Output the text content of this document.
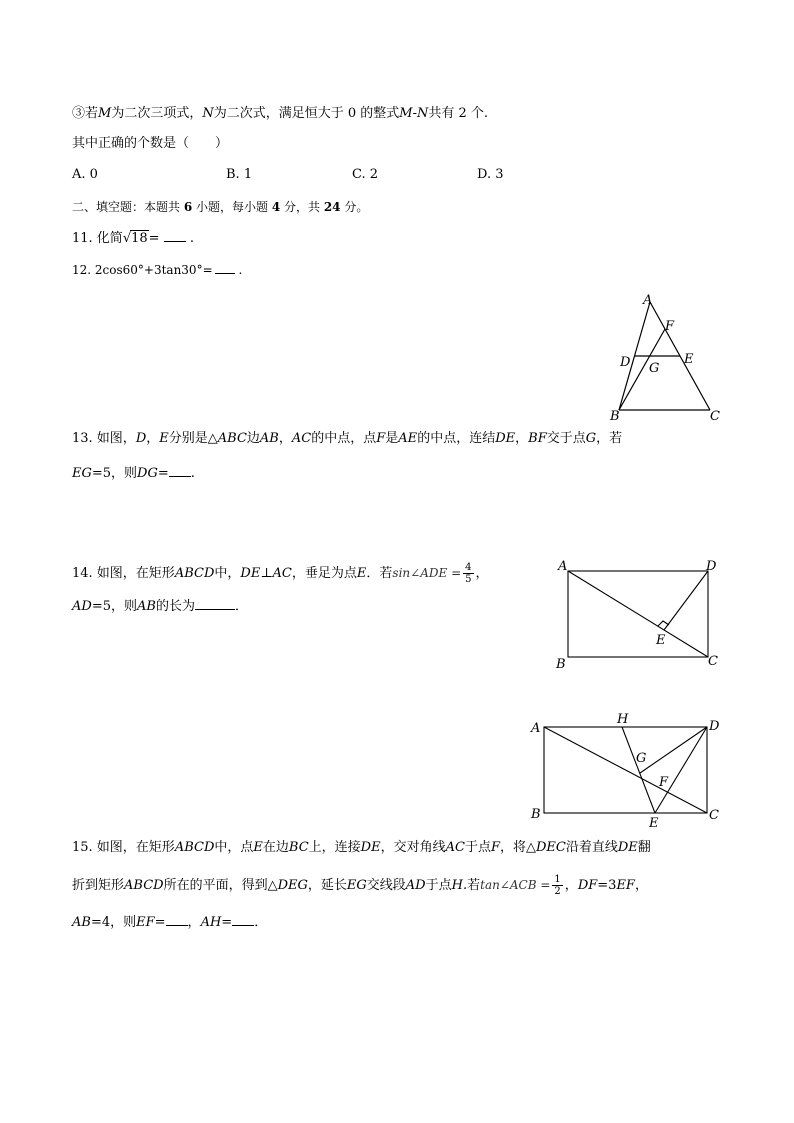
③若M为二次三项式，N为二次式，满足恒大于 0 的整式M-N共有 2 个.
其中正确的个数是（　　）
A. 0	B. 1	C. 2	D. 3
二、填空题：本题共 6 小题，每小题 4 分，共 24 分。
11. 化简√18=  .
12. 2cos60°+3tan30°= .
A
F
D	E
G
B	C
13. 如图，D，E分别是△ABC边AB，AC的中点，点F是AE的中点，连结DE，BF交于点G，若
EG=5，则DG= .
14. 如图，在矩形ABCD中，DE⊥AC，垂足为点E．若sin∠ADE = $\frac{4}{5}$ ，
AD=5，则AB的长为	．
A	D
E
B	C
A
H	D
G
F
B
E
C
15. 如图，在矩形ABCD中，点E在边BC上，连接DE，交对角线AC于点F，将△DEC沿着直线DE翻
折到矩形ABCD所在的平面，得到△DEG，延长EG交线段AD于点H.若tan∠ACB = $\frac{1}{2}$ ，DF=3EF，
AB=4，则EF= ，AH= ．
